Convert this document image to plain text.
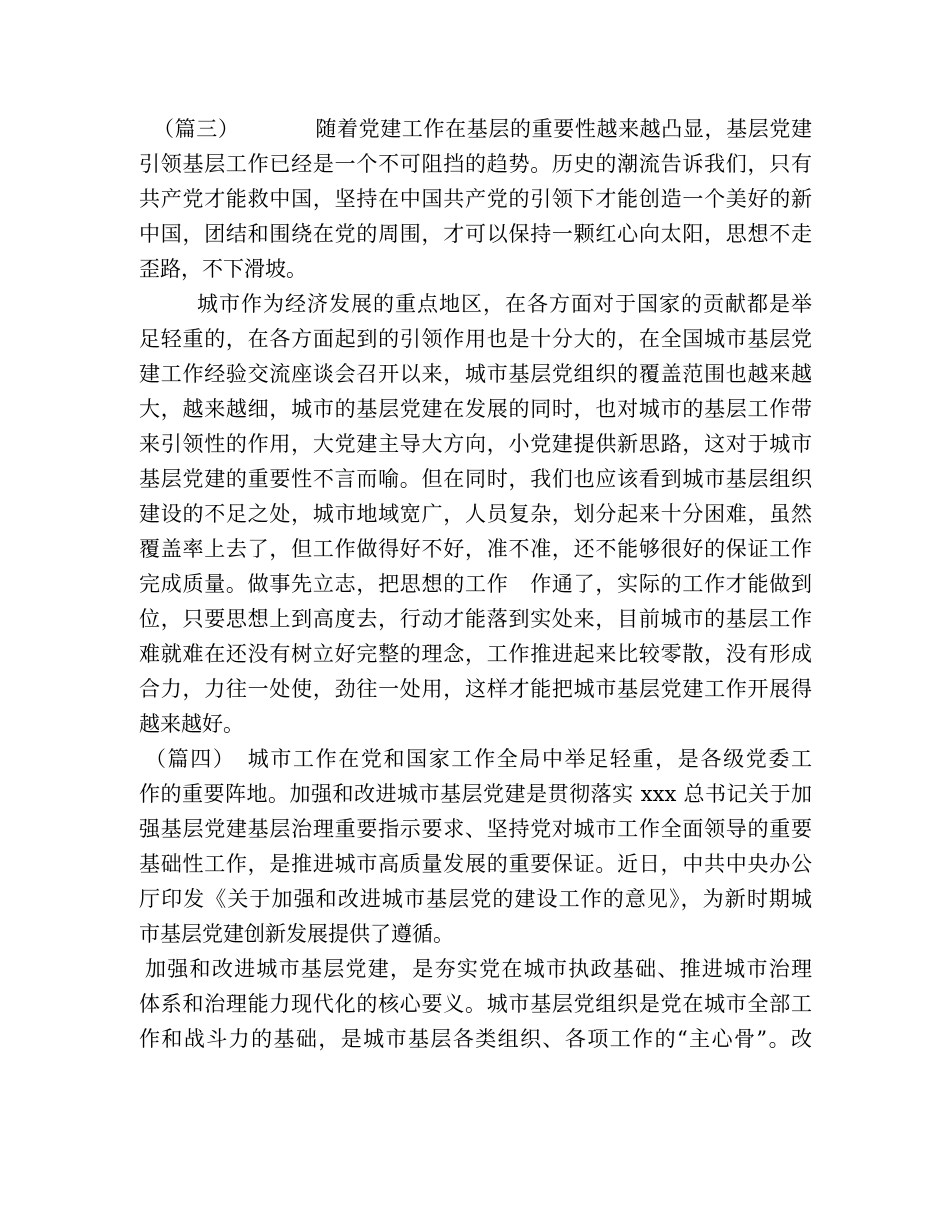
（篇三）　　　　随着党建工作在基层的重要性越来越凸显，基层党建
引领基层工作已经是一个不可阻挡的趋势。历史的潮流告诉我们，只有
共产党才能救中国，坚持在中国共产党的引领下才能创造一个美好的新
中国，团结和围绕在党的周围，才可以保持一颗红心向太阳，思想不走
歪路，不下滑坡。
　　城市作为经济发展的重点地区，在各方面对于国家的贡献都是举
足轻重的，在各方面起到的引领作用也是十分大的，在全国城市基层党
建工作经验交流座谈会召开以来，城市基层党组织的覆盖范围也越来越
大，越来越细，城市的基层党建在发展的同时，也对城市的基层工作带
来引领性的作用，大党建主导大方向，小党建提供新思路，这对于城市
基层党建的重要性不言而喻。但在同时，我们也应该看到城市基层组织
建设的不足之处，城市地域宽广，人员复杂，划分起来十分困难，虽然
覆盖率上去了，但工作做得好不好，准不准，还不能够很好的保证工作
完成质量。做事先立志，把思想的工作　作通了，实际的工作才能做到
位，只要思想上到高度去，行动才能落到实处来，目前城市的基层工作
难就难在还没有树立好完整的理念，工作推进起来比较零散，没有形成
合力，力往一处使，劲往一处用，这样才能把城市基层党建工作开展得
越来越好。
（篇四）　城市工作在党和国家工作全局中举足轻重，是各级党委工
作的重要阵地。加强和改进城市基层党建是贯彻落实 xxx 总书记关于加
强基层党建基层治理重要指示要求、坚持党对城市工作全面领导的重要
基础性工作，是推进城市高质量发展的重要保证。近日，中共中央办公
厅印发《关于加强和改进城市基层党的建设工作的意见》，为新时期城
市基层党建创新发展提供了遵循。
加强和改进城市基层党建，是夯实党在城市执政基础、推进城市治理
体系和治理能力现代化的核心要义。城市基层党组织是党在城市全部工
作和战斗力的基础，是城市基层各类组织、各项工作的“主心骨”。改
